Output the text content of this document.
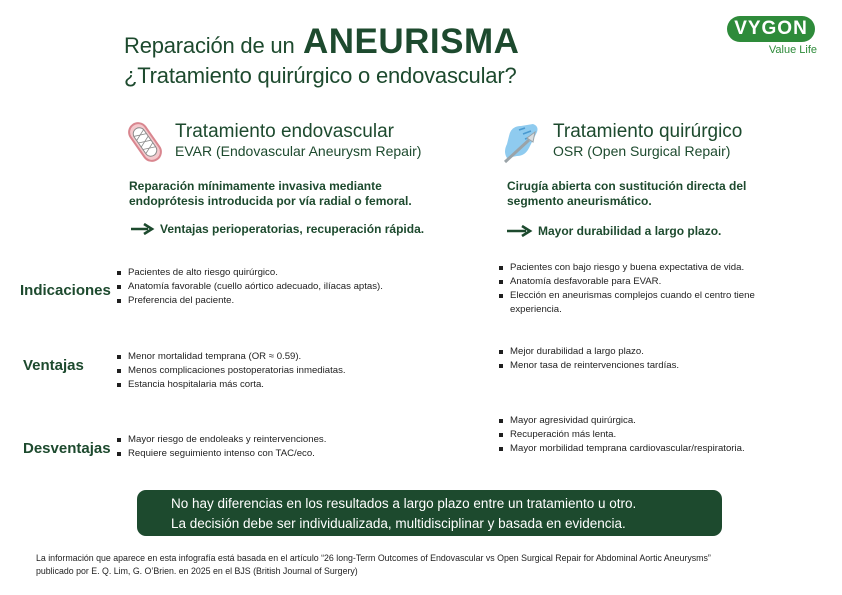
Reparación de un ANEURISMA
¿Tratamiento quirúrgico o endovascular?
VYGON
Value Life
Tratamiento endovascular
EVAR (Endovascular Aneurysm Repair)
Reparación mínimamente invasiva mediante endoprótesis introducida por vía radial o femoral.
Ventajas perioperatorias, recuperación rápida.
Tratamiento quirúrgico
OSR (Open Surgical Repair)
Cirugía abierta con sustitución directa del segmento aneurismático.
Mayor durabilidad a largo plazo.
Indicaciones
Pacientes de alto riesgo quirúrgico.
Anatomía favorable (cuello aórtico adecuado, ilíacas aptas).
Preferencia del paciente.
Pacientes con bajo riesgo y buena expectativa de vida.
Anatomía desfavorable para EVAR.
Elección en aneurismas complejos cuando el centro tiene experiencia.
Ventajas
Menor mortalidad temprana (OR ≈ 0.59).
Menos complicaciones postoperatorias inmediatas.
Estancia hospitalaria más corta.
Mejor durabilidad a largo plazo.
Menor tasa de reintervenciones tardías.
Desventajas
Mayor riesgo de endoleaks y reintervenciones.
Requiere seguimiento intenso con TAC/eco.
Mayor agresividad quirúrgica.
Recuperación más lenta.
Mayor morbilidad temprana cardiovascular/respiratoria.
No hay diferencias en los resultados a largo plazo entre un tratamiento u otro.
La decisión debe ser individualizada, multidisciplinar y basada en evidencia.
La información que aparece en esta infografía está basada en el artículo “26 long-Term Outcomes of Endovascular vs Open Surgical Repair for Abdominal Aortic Aneurysms”
publicado por E. Q. Lim, G. O’Brien. en 2025 en el BJS (British Journal of Surgery)
